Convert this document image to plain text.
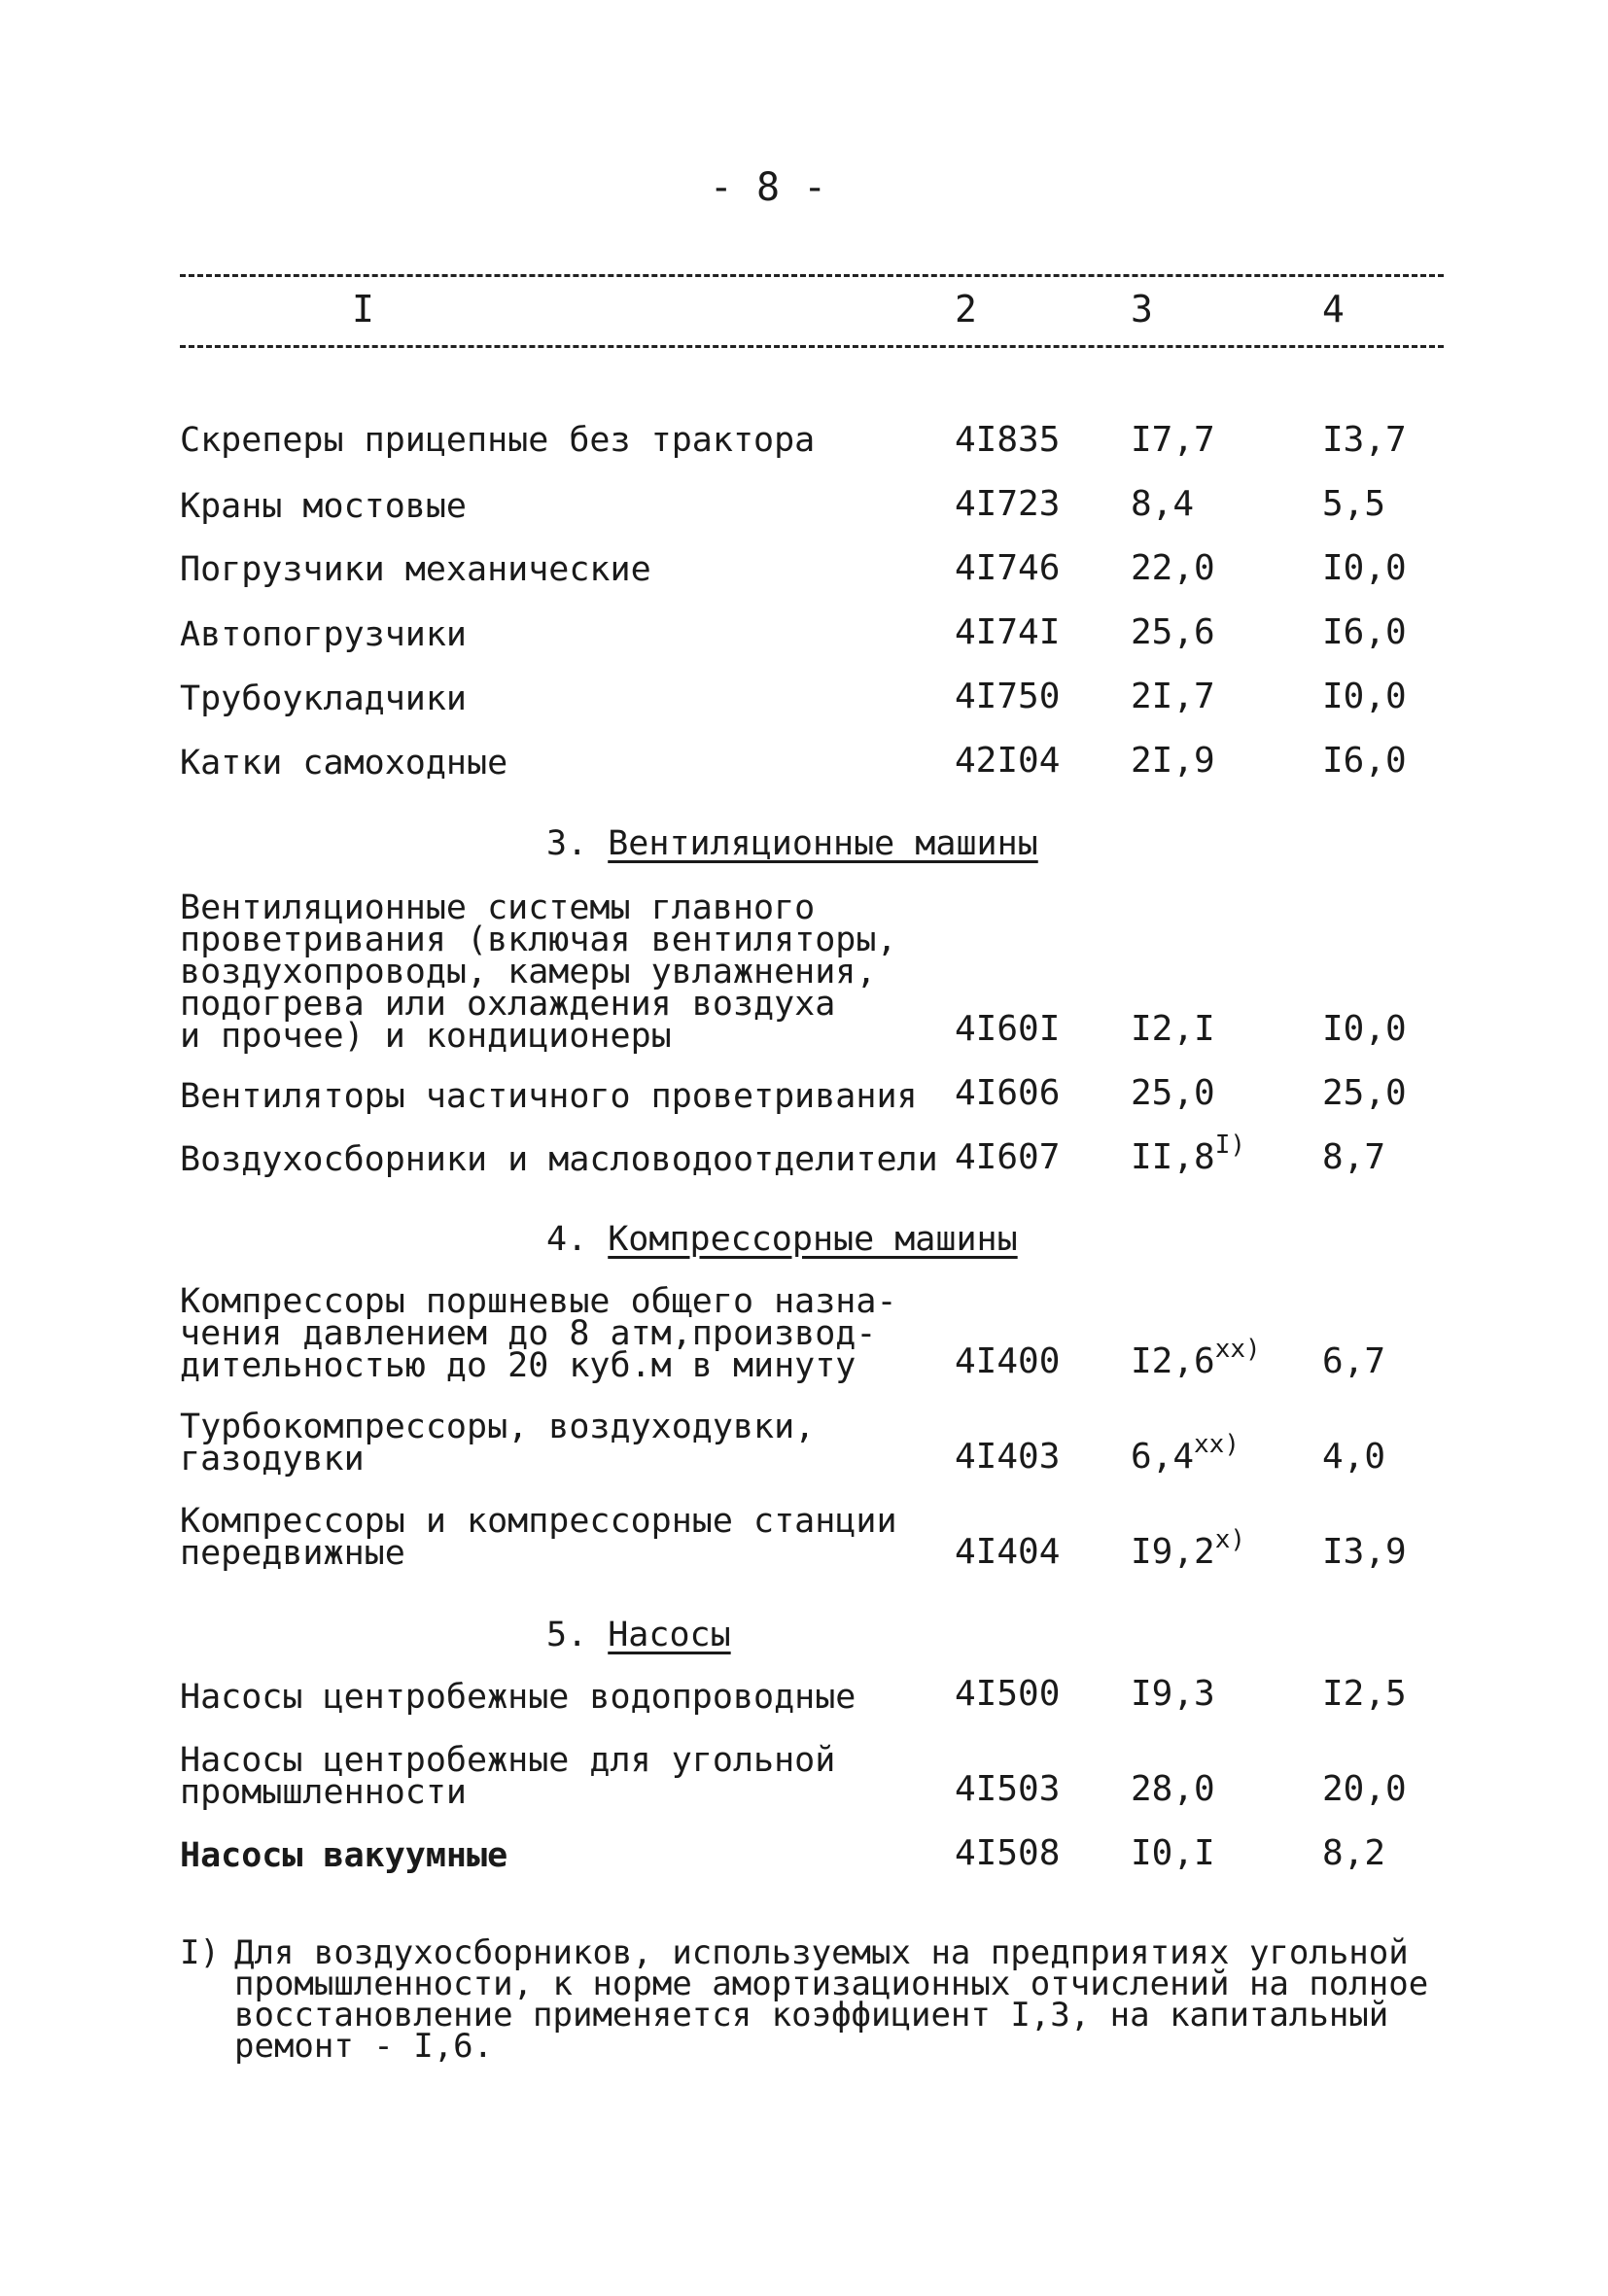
- 8 -
I	2	3	4
Скреперы прицепные без трактора	4I835 I7,7	I3,7
Краны мостовые	4I723 8,4	5,5
Погрузчики механические	4I746 22,0	I0,0
Автопогрузчики	4I74I 25,6	I6,0
Трубоукладчики	4I750 2I,7	I0,0
Катки самоходные	42I04 2I,9	I6,0
3. Вентиляционные машины
Вентиляционные системы главного
проветривания (включая вентиляторы,
воздухопроводы, камеры увлажнения,
подогрева или охлаждения воздуха
и прочее) и кондиционеры	4I60I I2,I	I0,0
Вентиляторы частичного проветривания 4I606 25,0	25,0
Воздухосборники и масловодоотделители 4I607 $II,8^{I)}$ 8,7
4. Компрессорные машины
Компрессоры поршневые общего назна-
чения давлением до 8 атм,производ-
дительностью до 20 куб.м в минуту	4I400 I2,6$^{xx)}$ 6,7
Турбокомпрессоры, воздуходувки,
газодувки	4I403 6,4$^{xx)}$ 4,0
Компрессоры и компрессорные станции
передвижные	4I404 I9,2$^{x)}$ I3,9
5. Насосы
Насосы центробежные водопроводные	4I500 I9,3	I2,5
Насосы центробежные для угольной
промышленности	4I503 28,0	20,0
Насосы вакуумные	4I508 I0,I	8,2
I) Для воздухосборников, используемых на предприятиях угольной промышленности, к норме амортизационных отчислений на полное восстановление применяется коэффициент I,3, на капитальный ремонт - I,6.
